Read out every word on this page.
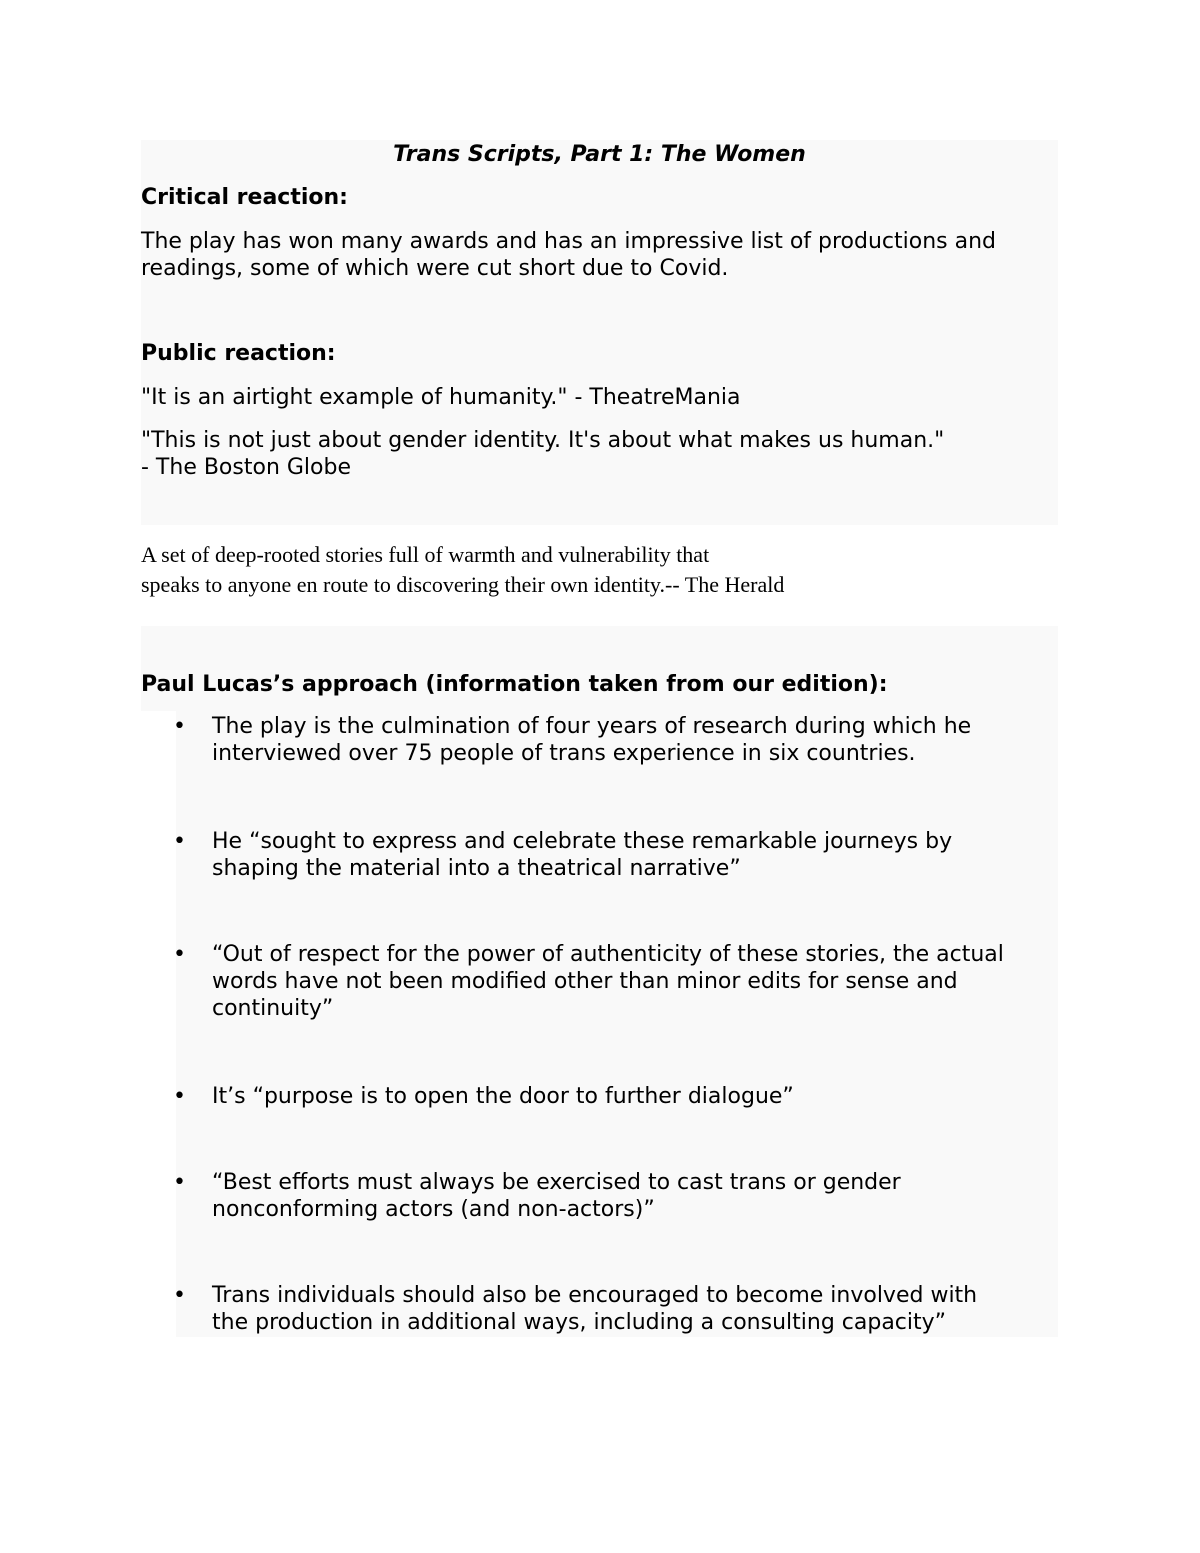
Trans Scripts, Part 1: The Women
Critical reaction:

The play has won many awards and has an impressive list of productions and

readings, some of which were cut short due to Covid.

Public reaction:

"It is an airtight example of humanity." - TheatreMania

"This is not just about gender identity. It's about what makes us human."

- The Boston Globe

A set of deep-rooted stories full of warmth and vulnerability that

speaks to anyone en route to discovering their own identity.-- The Herald

Paul Lucas’s approach (information taken from our edition):
• The play is the culmination of four years of research during which he
interviewed over 75 people of trans experience in six countries.
• He “sought to express and celebrate these remarkable journeys by
shaping the material into a theatrical narrative”
• “Out of respect for the power of authenticity of these stories, the actual
words have not been modified other than minor edits for sense and
continuity”
• It’s “purpose is to open the door to further dialogue”
• “Best efforts must always be exercised to cast trans or gender
nonconforming actors (and non-actors)”
• Trans individuals should also be encouraged to become involved with
the production in additional ways, including a consulting capacity”
